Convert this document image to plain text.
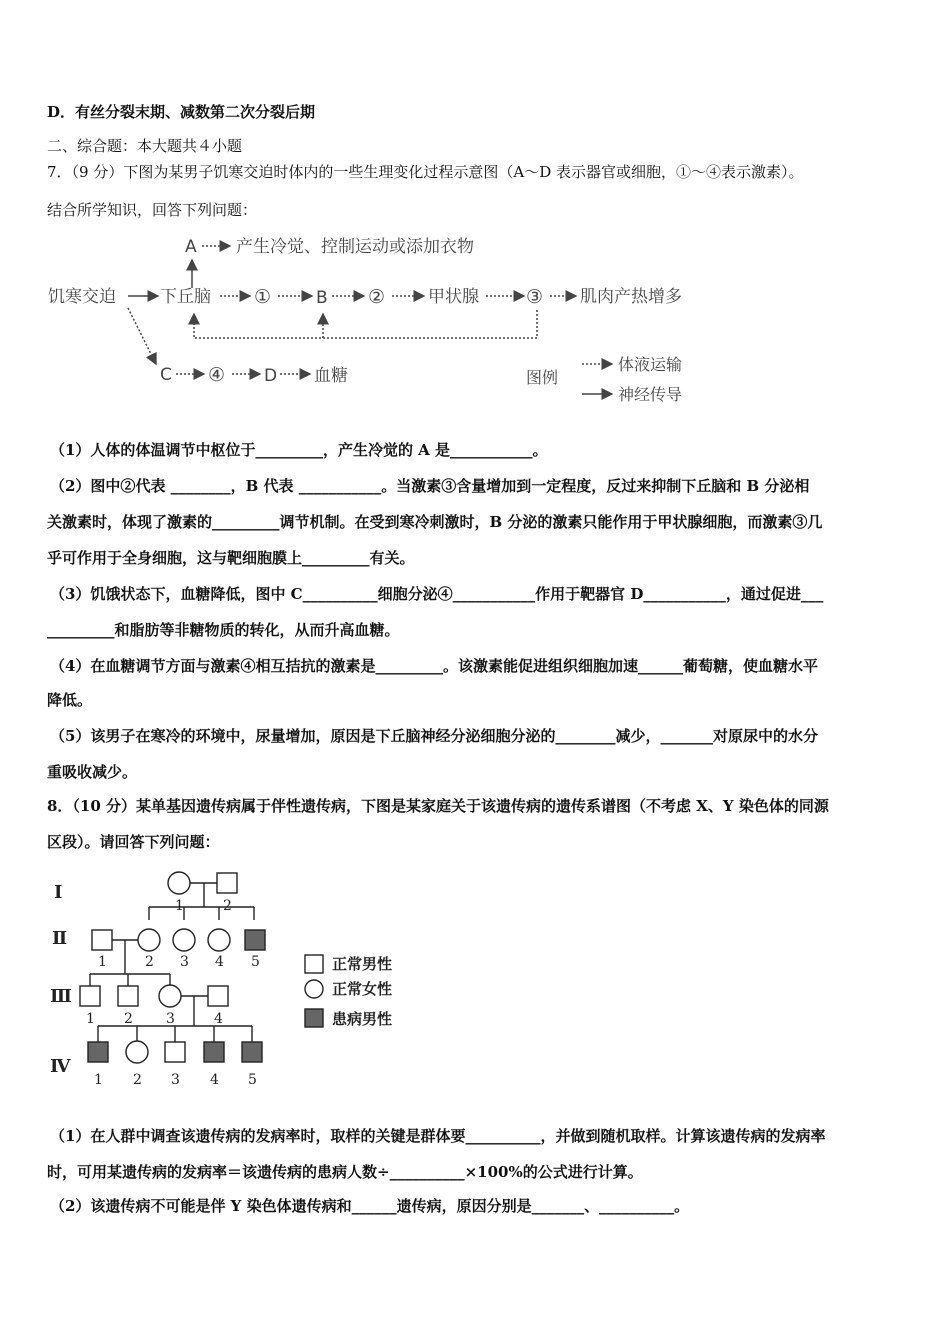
D．有丝分裂末期、减数第二次分裂后期
二、综合题：本大题共４小题
7．（9 分）下图为某男子饥寒交迫时体内的一些生理变化过程示意图（A～D 表示器官或细胞，①～④表示激素）。
结合所学知识，回答下列问题：
A 产生冷觉、控制运动或添加衣物
饥寒交迫	下丘脑 ①	B ②	甲状腺 ③ 肌肉产热增多
C ④ D 血糖	图例
体液运输
神经传导
（1）人体的体温调节中枢位于_________，产生冷觉的 A 是___________。
（2）图中②代表 ________，B 代表 ___________。当激素③含量增加到一定程度，反过来抑制下丘脑和 B 分泌相
关激素时，体现了激素的_________调节机制。在受到寒冷刺激时，B 分泌的激素只能作用于甲状腺细胞，而激素③几
乎可作用于全身细胞，这与靶细胞膜上_________有关。
（3）饥饿状态下，血糖降低，图中 C__________细胞分泌④___________作用于靶器官 D___________，通过促进___
_________和脂肪等非糖物质的转化，从而升高血糖。
（4）在血糖调节方面与激素④相互拮抗的激素是_________。该激素能促进组织细胞加速______葡萄糖，使血糖水平
降低。
（5）该男子在寒冷的环境中，尿量增加，原因是下丘脑神经分泌细胞分泌的________减少，_______对原尿中的水分
重吸收减少。
8．（10 分）某单基因遗传病属于伴性遗传病，下图是某家庭关于该遗传病的遗传系谱图（不考虑 X、Y 染色体的同源
区段）。请回答下列问题：
Ⅰ
Ⅱ
Ⅲ
Ⅳ
1	2
1	2 3 4 5
1 2 3	4
1 2 3 4 5
正常男性
正常女性
患病男性
（1）在人群中调查该遗传病的发病率时，取样的关键是群体要__________，并做到随机取样。计算该遗传病的发病率
时，可用某遗传病的发病率＝该遗传病的患病人数÷__________×100%的公式进行计算。
（2）该遗传病不可能是伴 Y 染色体遗传病和______遗传病，原因分别是_______、__________。
